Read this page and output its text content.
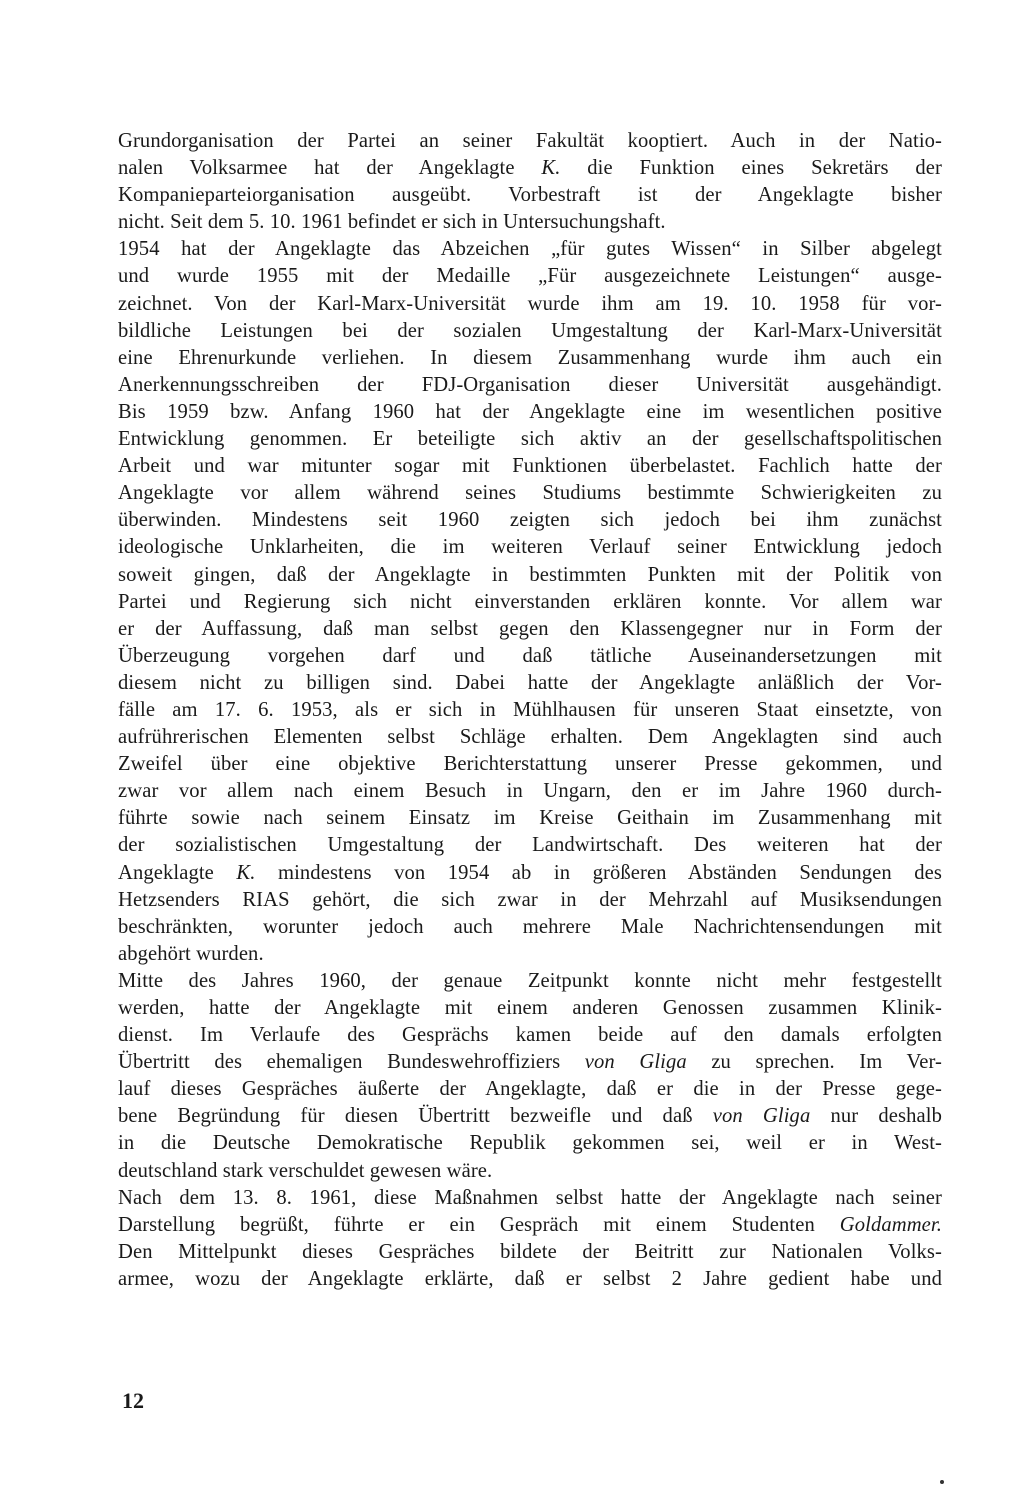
Grundorganisation der Partei an seiner Fakultät kooptiert. Auch in der Natio-
nalen Volksarmee hat der Angeklagte K. die Funktion eines Sekretärs der
Kompanieparteiorganisation ausgeübt. Vorbestraft ist der Angeklagte bisher
nicht. Seit dem 5. 10. 1961 befindet er sich in Untersuchungshaft.
1954 hat der Angeklagte das Abzeichen „für gutes Wissen“ in Silber abgelegt
und wurde 1955 mit der Medaille „Für ausgezeichnete Leistungen“ ausge-
zeichnet. Von der Karl-Marx-Universität wurde ihm am 19. 10. 1958 für vor-
bildliche Leistungen bei der sozialen Umgestaltung der Karl-Marx-Universität
eine Ehrenurkunde verliehen. In diesem Zusammenhang wurde ihm auch ein
Anerkennungsschreiben der FDJ-Organisation dieser Universität ausgehändigt.
Bis 1959 bzw. Anfang 1960 hat der Angeklagte eine im wesentlichen positive
Entwicklung genommen. Er beteiligte sich aktiv an der gesellschaftspolitischen
Arbeit und war mitunter sogar mit Funktionen überbelastet. Fachlich hatte der
Angeklagte vor allem während seines Studiums bestimmte Schwierigkeiten zu
überwinden. Mindestens seit 1960 zeigten sich jedoch bei ihm zunächst
ideologische Unklarheiten, die im weiteren Verlauf seiner Entwicklung jedoch
soweit gingen, daß der Angeklagte in bestimmten Punkten mit der Politik von
Partei und Regierung sich nicht einverstanden erklären konnte. Vor allem war
er der Auffassung, daß man selbst gegen den Klassengegner nur in Form der
Überzeugung vorgehen darf und daß tätliche Auseinandersetzungen mit
diesem nicht zu billigen sind. Dabei hatte der Angeklagte anläßlich der Vor-
fälle am 17. 6. 1953, als er sich in Mühlhausen für unseren Staat einsetzte, von
aufrührerischen Elementen selbst Schläge erhalten. Dem Angeklagten sind auch
Zweifel über eine objektive Berichterstattung unserer Presse gekommen, und
zwar vor allem nach einem Besuch in Ungarn, den er im Jahre 1960 durch-
führte sowie nach seinem Einsatz im Kreise Geithain im Zusammenhang mit
der sozialistischen Umgestaltung der Landwirtschaft. Des weiteren hat der
Angeklagte K. mindestens von 1954 ab in größeren Abständen Sendungen des
Hetzsenders RIAS gehört, die sich zwar in der Mehrzahl auf Musiksendungen
beschränkten, worunter jedoch auch mehrere Male Nachrichtensendungen mit
abgehört wurden.
Mitte des Jahres 1960, der genaue Zeitpunkt konnte nicht mehr festgestellt
werden, hatte der Angeklagte mit einem anderen Genossen zusammen Klinik-
dienst. Im Verlaufe des Gesprächs kamen beide auf den damals erfolgten
Übertritt des ehemaligen Bundeswehroffiziers von Gliga zu sprechen. Im Ver-
lauf dieses Gespräches äußerte der Angeklagte, daß er die in der Presse gege-
bene Begründung für diesen Übertritt bezweifle und daß von Gliga nur deshalb
in die Deutsche Demokratische Republik gekommen sei, weil er in West-
deutschland stark verschuldet gewesen wäre.
Nach dem 13. 8. 1961, diese Maßnahmen selbst hatte der Angeklagte nach seiner
Darstellung begrüßt, führte er ein Gespräch mit einem Studenten Goldammer.
Den Mittelpunkt dieses Gespräches bildete der Beitritt zur Nationalen Volks-
armee, wozu der Angeklagte erklärte, daß er selbst 2 Jahre gedient habe und
12
